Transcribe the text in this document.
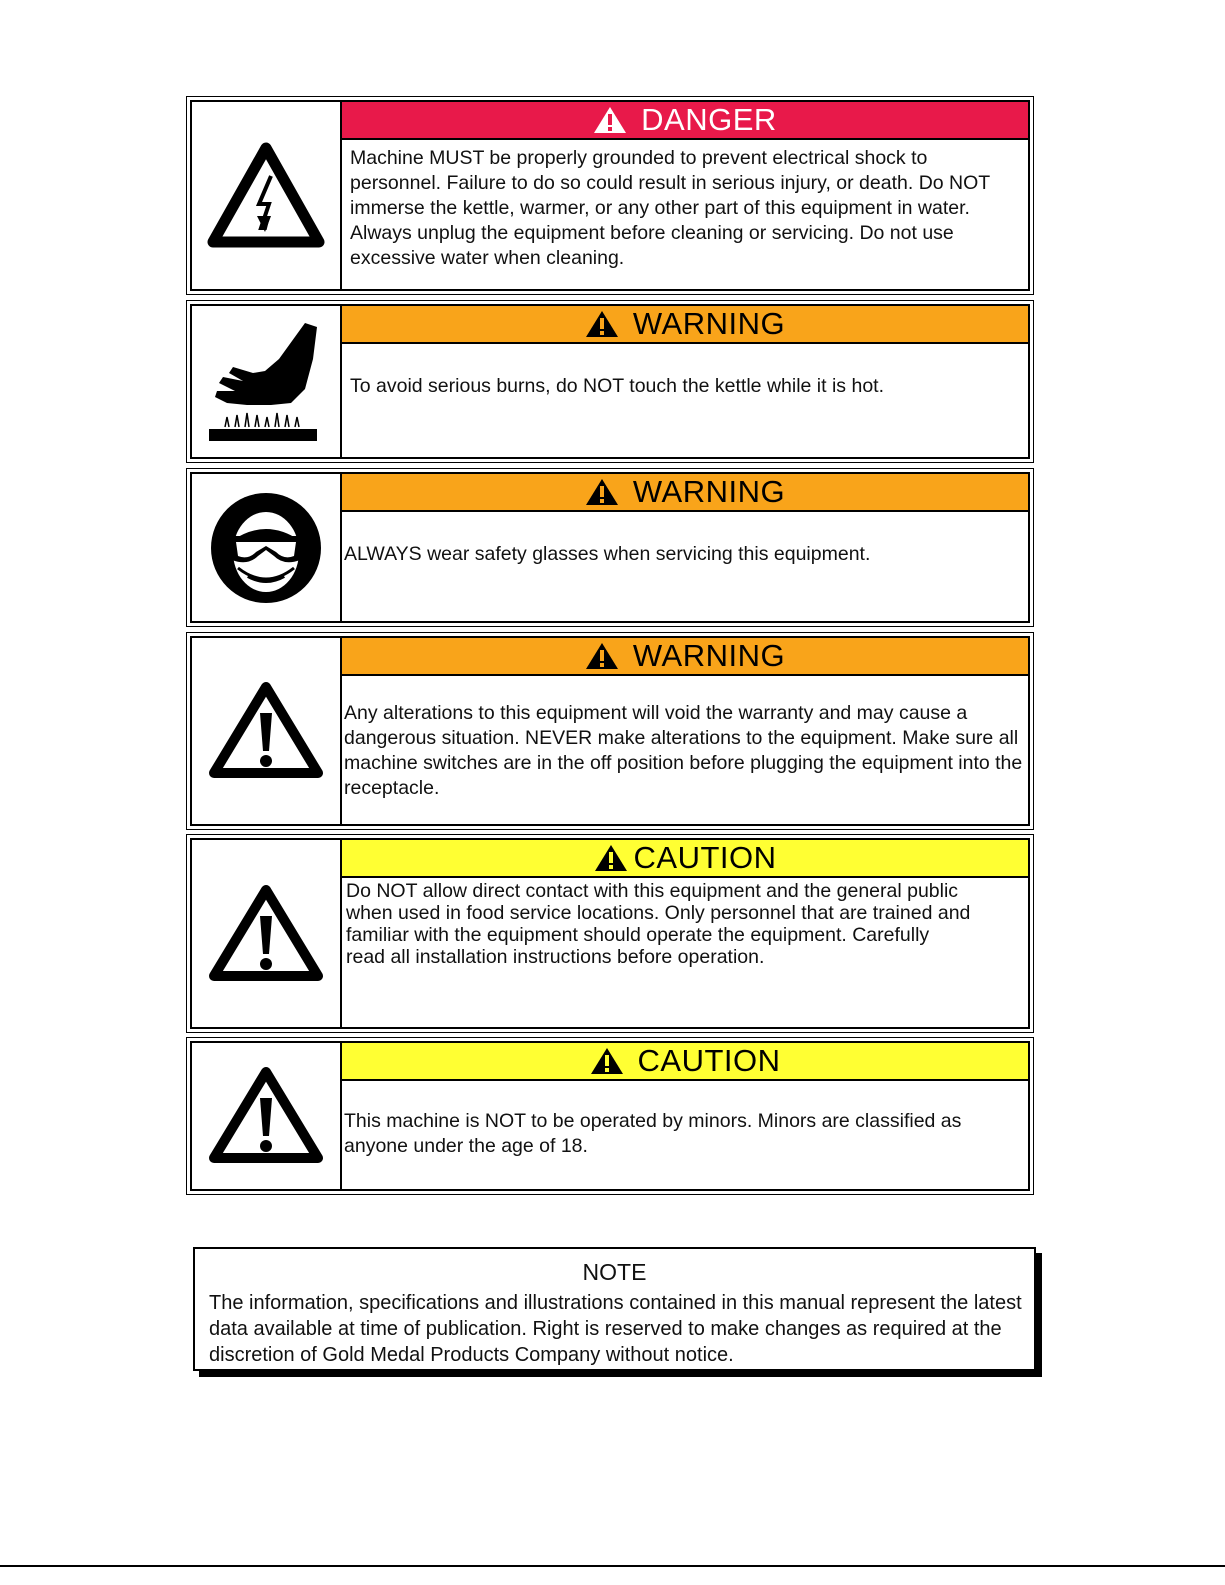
DANGER

Machine MUST be properly grounded to prevent electrical shock to personnel. Failure to do so could result in serious injury, or death. Do NOT immerse the kettle, warmer, or any other part of this equipment in water. Always unplug the equipment before cleaning or servicing. Do not use excessive water when cleaning.

WARNING

To avoid serious burns, do NOT touch the kettle while it is hot.

WARNING

ALWAYS wear safety glasses when servicing this equipment.

WARNING

Any alterations to this equipment will void the warranty and may cause a dangerous situation. NEVER make alterations to the equipment. Make sure all machine switches are in the off position before plugging the equipment into the receptacle.

CAUTION

Do NOT allow direct contact with this equipment and the general public when used in food service locations. Only personnel that are trained and familiar with the equipment should operate the equipment. Carefully read all installation instructions before operation.

CAUTION

This machine is NOT to be operated by minors. Minors are classified as anyone under the age of 18.

NOTE

The information, specifications and illustrations contained in this manual represent the latest data available at time of publication. Right is reserved to make changes as required at the discretion of Gold Medal Products Company without notice.
